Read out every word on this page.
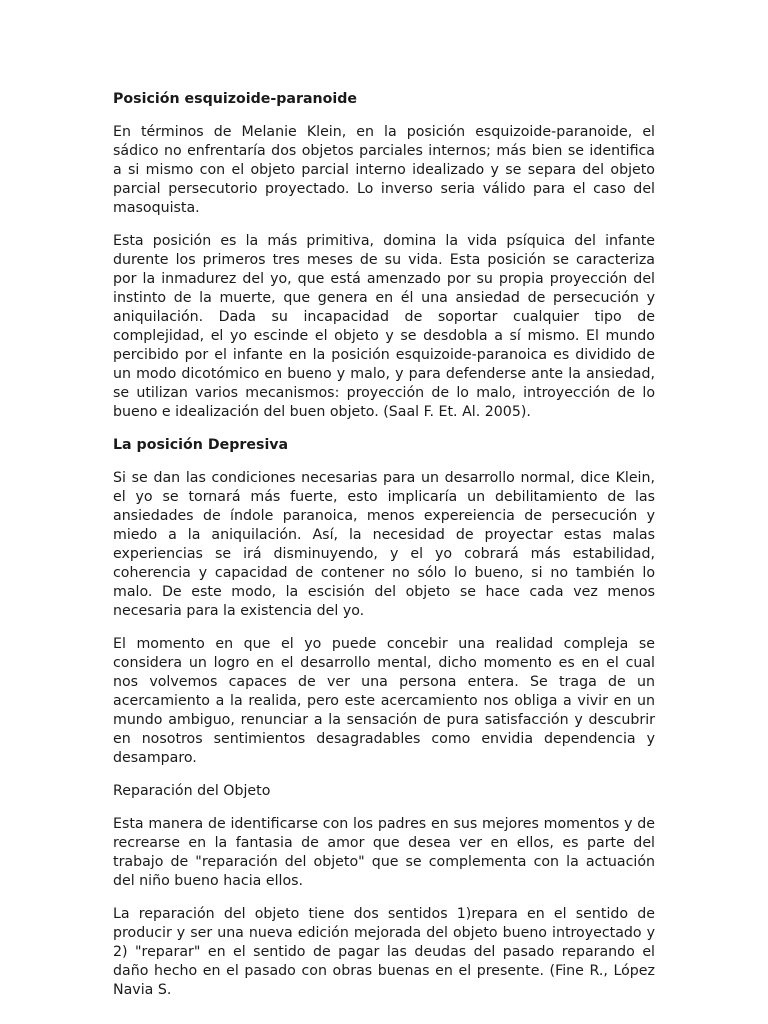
Posición esquizoide-paranoide
En términos de Melanie Klein, en la posición esquizoide-paranoide, el sádico no enfrentaría dos objetos parciales internos; más bien se identifica a si mismo con el objeto parcial interno idealizado y se separa del objeto parcial persecutorio proyectado. Lo inverso seria válido para el caso del masoquista.
Esta posición es la más primitiva, domina la vida psíquica del infante durente los primeros tres meses de su vida. Esta posición se caracteriza por la inmadurez del yo, que está amenzado por su propia proyección del instinto de la muerte, que genera en él una ansiedad de persecución y aniquilación. Dada su incapacidad de soportar cualquier tipo de complejidad, el yo escinde el objeto y se desdobla a sí mismo. El mundo percibido por el infante en la posición esquizoide-paranoica es dividido de un modo dicotómico en bueno y malo, y para defenderse ante la ansiedad, se utilizan varios mecanismos: proyección de lo malo, introyección de lo bueno e idealización del buen objeto. (Saal F. Et. Al. 2005).
La posición Depresiva
Si se dan las condiciones necesarias para un desarrollo normal, dice Klein, el yo se tornará más fuerte, esto implicaría un debilitamiento de las ansiedades de índole paranoica, menos expereiencia de persecución y miedo a la aniquilación. Así, la necesidad de proyectar estas malas experiencias se irá disminuyendo, y el yo cobrará más estabilidad, coherencia y capacidad de contener no sólo lo bueno, si no también lo malo. De este modo, la escisión del objeto se hace cada vez menos necesaria para la existencia del yo.
El momento en que el yo puede concebir una realidad compleja se considera un logro en el desarrollo mental, dicho momento es en el cual nos volvemos capaces de ver una persona entera. Se traga de un acercamiento a la realida, pero este acercamiento nos obliga a vivir en un mundo ambiguo, renunciar a la sensación de pura satisfacción y descubrir en nosotros sentimientos desagradables como envidia dependencia y desamparo.
Reparación del Objeto
Esta manera de identificarse con los padres en sus mejores momentos y de recrearse en la fantasia de amor que desea ver en ellos, es parte del trabajo de "reparación del objeto" que se complementa con la actuación del niño bueno hacia ellos.
La reparación del objeto tiene dos sentidos 1)repara en el sentido de producir y ser una nueva edición mejorada del objeto bueno introyectado y 2) "reparar" en el sentido de pagar las deudas del pasado reparando el daño hecho en el pasado con obras buenas en el presente. (Fine R., López Navia S.
